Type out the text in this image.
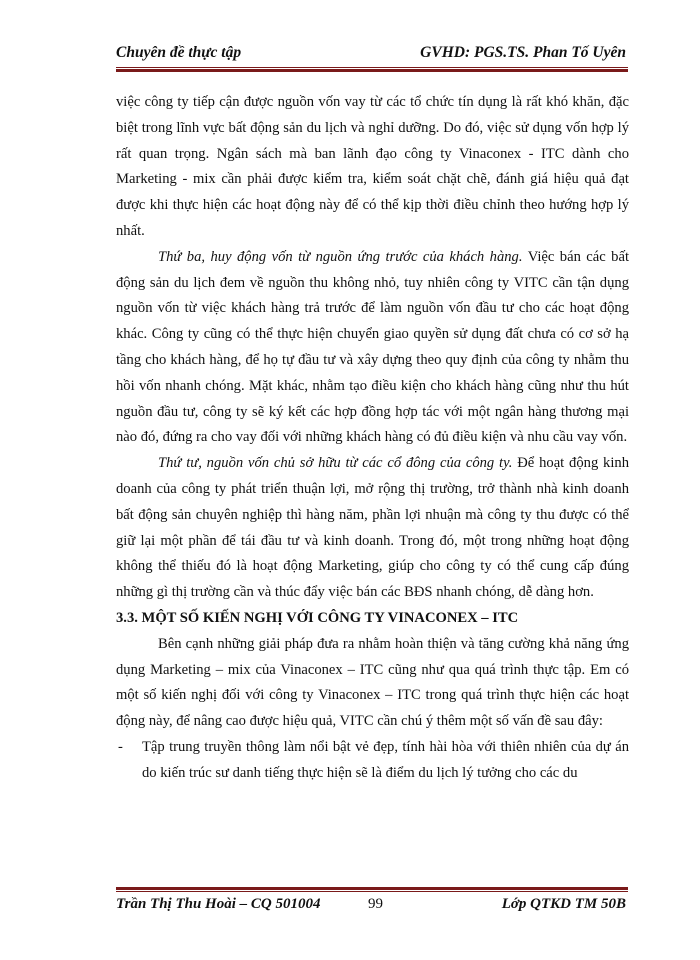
Chuyên đề thực tập	GVHD: PGS.TS. Phan Tố Uyên

việc công ty tiếp cận được nguồn vốn vay từ các tổ chức tín dụng là rất khó khăn, đặc biệt trong lĩnh vực bất động sản du lịch và nghỉ dưỡng. Do đó, việc sử dụng vốn hợp lý rất quan trọng. Ngân sách mà ban lãnh đạo công ty Vinaconex - ITC dành cho Marketing - mix cần phải được kiểm tra, kiểm soát chặt chẽ, đánh giá hiệu quả đạt được khi thực hiện các hoạt động này để có thể kịp thời điều chỉnh theo hướng hợp lý nhất.

Thứ ba, huy động vốn từ nguồn ứng trước của khách hàng. Việc bán các bất động sản du lịch đem về nguồn thu không nhỏ, tuy nhiên công ty VITC cần tận dụng nguồn vốn từ việc khách hàng trả trước để làm nguồn vốn đầu tư cho các hoạt động khác. Công ty cũng có thể thực hiện chuyển giao quyền sử dụng đất chưa có cơ sở hạ tầng cho khách hàng, để họ tự đầu tư và xây dựng theo quy định của công ty nhằm thu hồi vốn nhanh chóng. Mặt khác, nhằm tạo điều kiện cho khách hàng cũng như thu hút nguồn đầu tư, công ty sẽ ký kết các hợp đồng hợp tác với một ngân hàng thương mại nào đó, đứng ra cho vay đối với những khách hàng có đủ điều kiện và nhu cầu vay vốn.

Thứ tư, nguồn vốn chủ sở hữu từ các cổ đông của công ty. Để hoạt động kinh doanh của công ty phát triển thuận lợi, mở rộng thị trường, trở thành nhà kinh doanh bất động sản chuyên nghiệp thì hàng năm, phần lợi nhuận mà công ty thu được có thể giữ lại một phần để tái đầu tư và kinh doanh. Trong đó, một trong những hoạt động không thể thiếu đó là hoạt động Marketing, giúp cho công ty có thể cung cấp đúng những gì thị trường cần và thúc đẩy việc bán các BĐS nhanh chóng, dễ dàng hơn.

3.3. MỘT SỐ KIẾN NGHỊ VỚI CÔNG TY VINACONEX – ITC

Bên cạnh những giải pháp đưa ra nhằm hoàn thiện và tăng cường khả năng ứng dụng Marketing – mix của Vinaconex – ITC cũng như qua quá trình thực tập. Em có một số kiến nghị đối với công ty Vinaconex – ITC trong quá trình thực hiện các hoạt động này, để nâng cao được hiệu quả, VITC cần chú ý thêm một số vấn đề sau đây:

- Tập trung truyền thông làm nổi bật vẻ đẹp, tính hài hòa với thiên nhiên của dự án do kiến trúc sư danh tiếng thực hiện sẽ là điểm du lịch lý tưởng cho các du

Trần Thị Thu Hoài – CQ 501004	99	Lớp QTKD TM 50B
